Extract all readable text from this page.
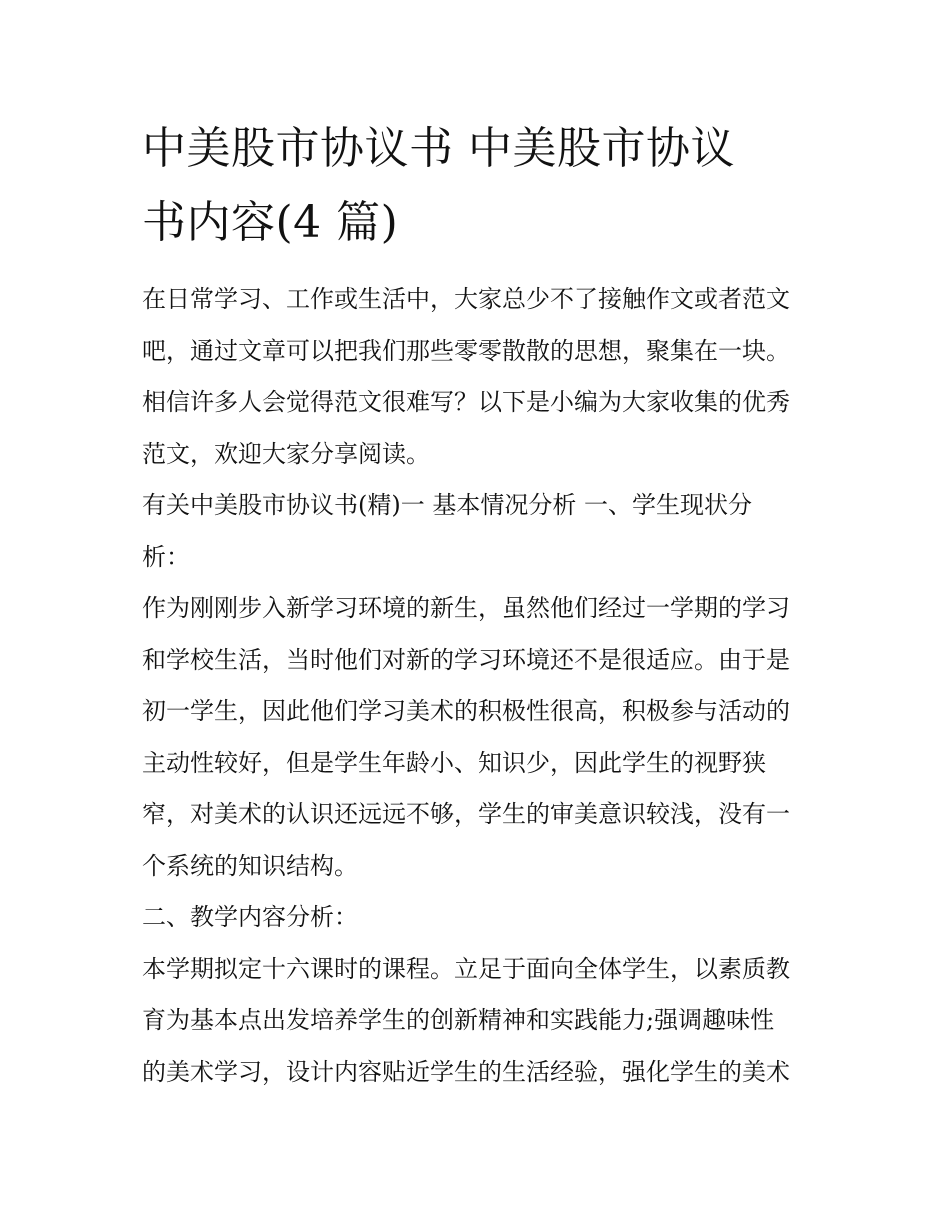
中美股市协议书 中美股市协议
书内容(4 篇)
在日常学习、工作或生活中，大家总少不了接触作文或者范文
吧，通过文章可以把我们那些零零散散的思想，聚集在一块。
相信许多人会觉得范文很难写？以下是小编为大家收集的优秀
范文，欢迎大家分享阅读。
有关中美股市协议书(精)一 基本情况分析 一、学生现状分
析：
作为刚刚步入新学习环境的新生，虽然他们经过一学期的学习
和学校生活，当时他们对新的学习环境还不是很适应。由于是
初一学生，因此他们学习美术的积极性很高，积极参与活动的
主动性较好，但是学生年龄小、知识少，因此学生的视野狭
窄，对美术的认识还远远不够，学生的审美意识较浅，没有一
个系统的知识结构。
二、教学内容分析：
本学期拟定十六课时的课程。立足于面向全体学生，以素质教
育为基本点出发培养学生的创新精神和实践能力;强调趣味性
的美术学习，设计内容贴近学生的生活经验，强化学生的美术
